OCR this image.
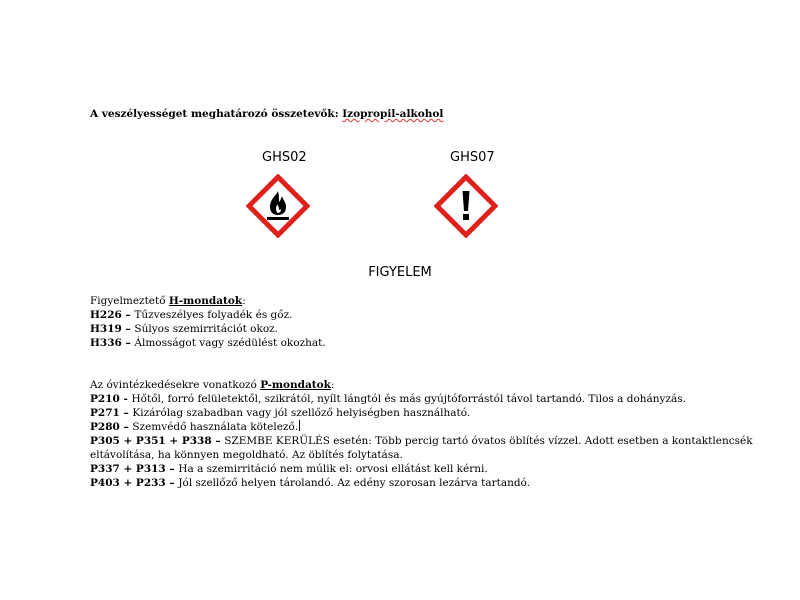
A veszélyességet meghatározó összetevők: Izopropil-alkohol
GHS02	GHS07
FIGYELEM
Figyelmeztető H-mondatok:
H226 – Tűzveszélyes folyadék és gőz.
H319 – Súlyos szemirritációt okoz.
H336 – Álmosságot vagy szédülést okozhat.
Az óvintézkedésekre vonatkozó P-mondatok:
P210 - Hőtől, forró felületektől, szikrától, nyílt lángtól és más gyújtóforrástól távol tartandó. Tilos a dohányzás.
P271 – Kizárólag szabadban vagy jól szellőző helyiségben használható.
P280 – Szemvédő használata kötelező.
P305 + P351 + P338 – SZEMBE KERÜLÉS esetén: Több percig tartó óvatos öblítés vízzel. Adott esetben a kontaktlencsék
eltávolítása, ha könnyen megoldható. Az öblítés folytatása.
P337 + P313 – Ha a szemirritáció nem múlik el: orvosi ellátást kell kérni.
P403 + P233 – Jól szellőző helyen tárolandó. Az edény szorosan lezárva tartandó.
